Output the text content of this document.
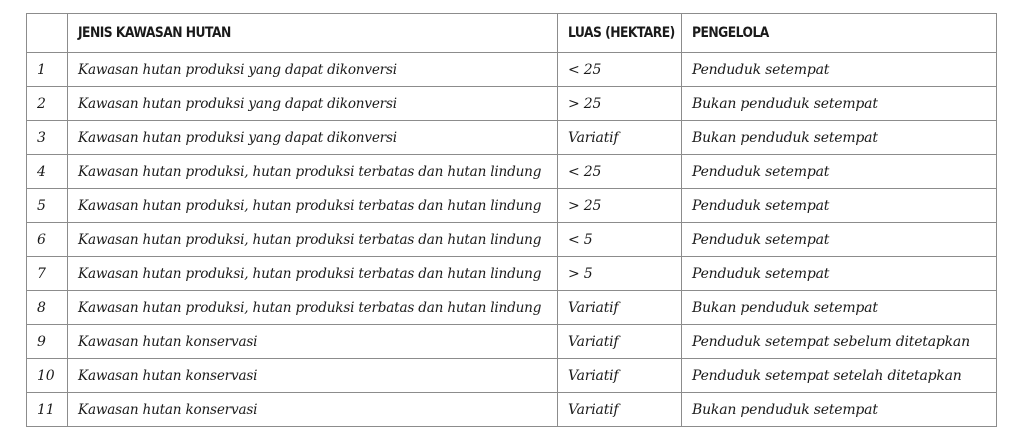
	JENIS KAWASAN HUTAN	LUAS (HEKTARE)	PENGELOLA
1	Kawasan hutan produksi yang dapat dikonversi	< 25	Penduduk setempat
2	Kawasan hutan produksi yang dapat dikonversi	> 25	Bukan penduduk setempat
3	Kawasan hutan produksi yang dapat dikonversi	Variatif	Bukan penduduk setempat
4	Kawasan hutan produksi, hutan produksi terbatas dan hutan lindung	< 25	Penduduk setempat
5	Kawasan hutan produksi, hutan produksi terbatas dan hutan lindung	> 25	Penduduk setempat
6	Kawasan hutan produksi, hutan produksi terbatas dan hutan lindung	< 5	Penduduk setempat
7	Kawasan hutan produksi, hutan produksi terbatas dan hutan lindung	> 5	Penduduk setempat
8	Kawasan hutan produksi, hutan produksi terbatas dan hutan lindung	Variatif	Bukan penduduk setempat
9	Kawasan hutan konservasi	Variatif	Penduduk setempat sebelum ditetapkan
10	Kawasan hutan konservasi	Variatif	Penduduk setempat setelah ditetapkan
11	Kawasan hutan konservasi	Variatif	Bukan penduduk setempat
